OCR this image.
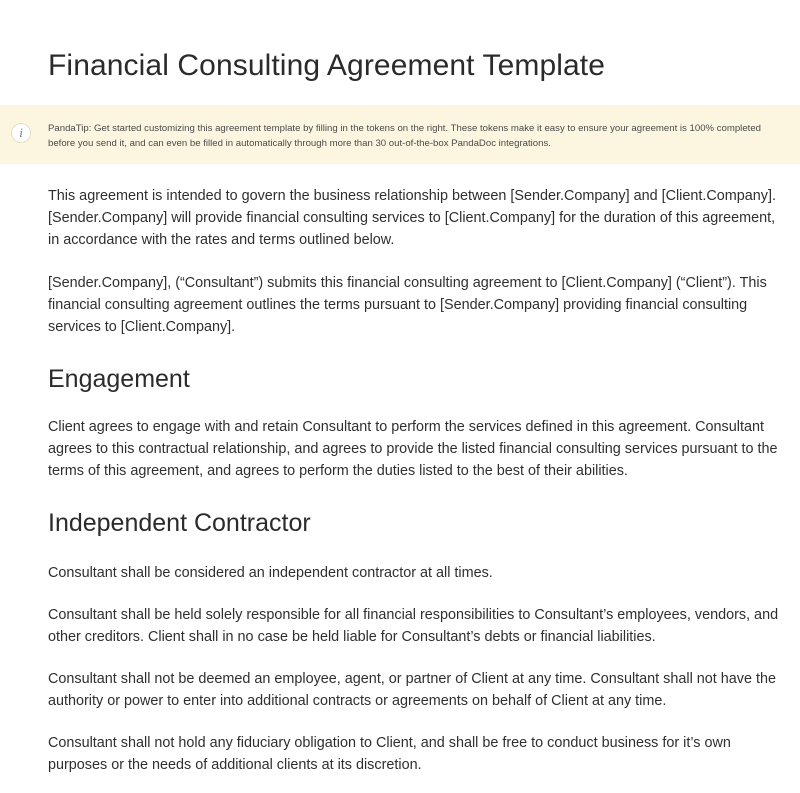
Financial Consulting Agreement Template
i	PandaTip: Get started customizing this agreement template by filling in the tokens on the right. These tokens make it easy to ensure your agreement is 100% completed before you send it, and can even be filled in automatically through more than 30 out-of-the-box PandaDoc integrations.

This agreement is intended to govern the business relationship between [Sender.Company] and [Client.Company]. [Sender.Company] will provide financial consulting services to [Client.Company] for the duration of this agreement, in accordance with the rates and terms outlined below.

[Sender.Company], (“Consultant”) submits this financial consulting agreement to [Client.Company] (“Client”). This financial consulting agreement outlines the terms pursuant to [Sender.Company] providing financial consulting services to [Client.Company].

Engagement

Client agrees to engage with and retain Consultant to perform the services defined in this agreement. Consultant agrees to this contractual relationship, and agrees to provide the listed financial consulting services pursuant to the terms of this agreement, and agrees to perform the duties listed to the best of their abilities.

Independent Contractor

Consultant shall be considered an independent contractor at all times.

Consultant shall be held solely responsible for all financial responsibilities to Consultant’s employees, vendors, and other creditors. Client shall in no case be held liable for Consultant’s debts or financial liabilities.

Consultant shall not be deemed an employee, agent, or partner of Client at any time. Consultant shall not have the authority or power to enter into additional contracts or agreements on behalf of Client at any time.

Consultant shall not hold any fiduciary obligation to Client, and shall be free to conduct business for it’s own purposes or the needs of additional clients at its discretion.
